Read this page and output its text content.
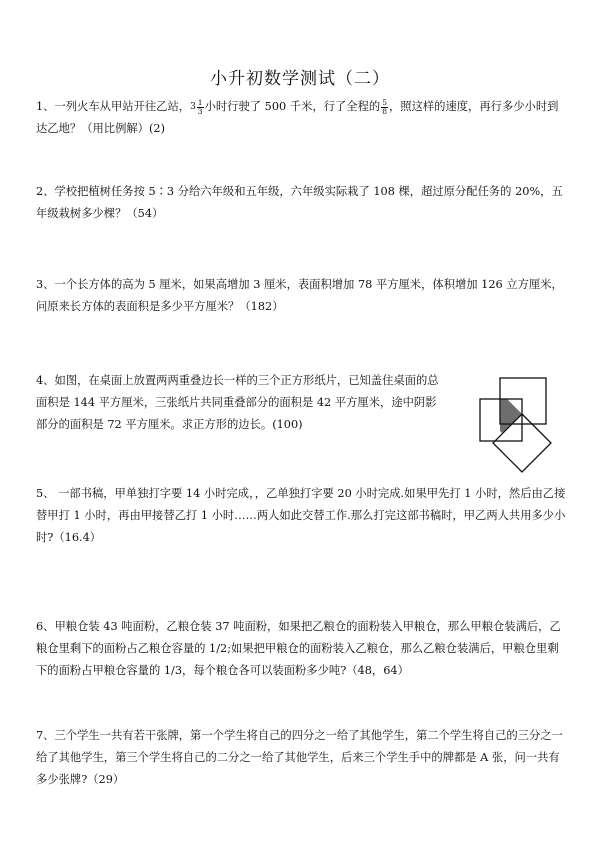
小升初数学测试（二）
1、一列火车从甲站开往乙站，$3 \frac{1}{3}$ 小时行驶了 500 千米，行了全程的 $\frac{5}{8}$ ，照这样的速度，再行多少小时到达乙地？（用比例解）(2)
2、学校把植树任务按 5∶3 分给六年级和五年级，六年级实际栽了 108 棵，超过原分配任务的 20%，五年级栽树多少棵？（54）
3、一个长方体的高为 5 厘米，如果高增加 3 厘米，表面积增加 78 平方厘米，体积增加 126 立方厘米，问原来长方体的表面积是多少平方厘米？（182）
4、如图，在桌面上放置两两重叠边长一样的三个正方形纸片，已知盖住桌面的总面积是 144 平方厘米，三张纸片共同重叠部分的面积是 42 平方厘米，途中阴影部分的面积是 72 平方厘米。求正方形的边长。(100)
5、 一部书稿，甲单独打字要 14 小时完成，，乙单独打字要 20 小时完成.如果甲先打 1 小时，然后由乙接替甲打 1 小时，再由甲接替乙打 1 小时……两人如此交替工作.那么打完这部书稿时，甲乙两人共用多少小时?（16.4）
6、甲粮仓装 43 吨面粉，乙粮仓装 37 吨面粉，如果把乙粮仓的面粉装入甲粮仓，那么甲粮仓装满后，乙粮仓里剩下的面粉占乙粮仓容量的 1/2;如果把甲粮仓的面粉装入乙粮仓，那么乙粮仓装满后，甲粮仓里剩下的面粉占甲粮仓容量的 1/3，每个粮仓各可以装面粉多少吨?（48，64）
7、三个学生一共有若干张牌，第一个学生将自己的四分之一给了其他学生，第二个学生将自己的三分之一给了其他学生，第三个学生将自己的二分之一给了其他学生，后来三个学生手中的牌都是 A 张，问一共有多少张牌?（29）
